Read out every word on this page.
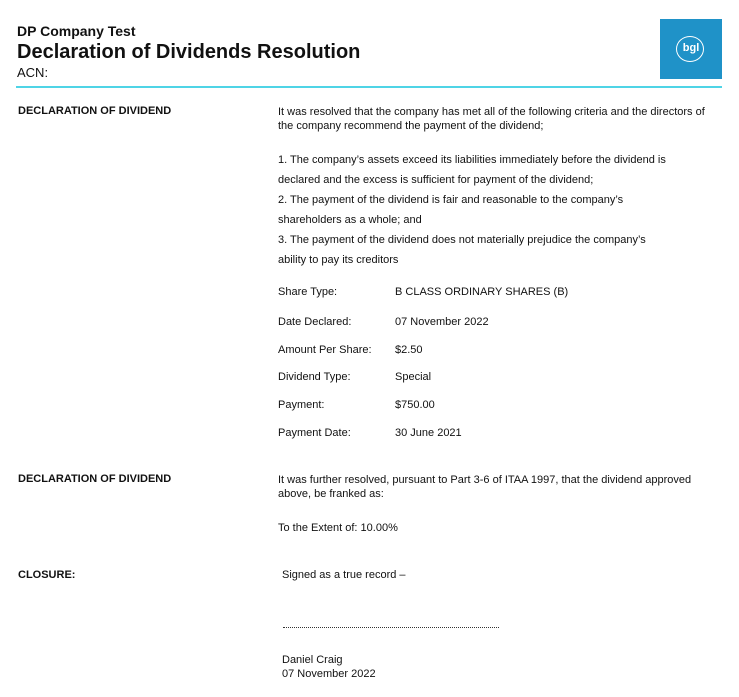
DP Company Test
Declaration of Dividends Resolution
ACN:
bgl
DECLARATION OF DIVIDEND	It was resolved that the company has met all of the following criteria and the directors of the company recommend the payment of the dividend;
1. The company’s assets exceed its liabilities immediately before the dividend is
declared and the excess is sufficient for payment of the dividend;
2. The payment of the dividend is fair and reasonable to the company’s
shareholders as a whole; and
3. The payment of the dividend does not materially prejudice the company’s
ability to pay its creditors
Share Type:	B CLASS ORDINARY SHARES (B)
Date Declared:	07 November 2022
Amount Per Share: $2.50
Dividend Type:	Special
Payment:	$750.00
Payment Date:	30 June 2021
DECLARATION OF DIVIDEND	It was further resolved, pursuant to Part 3-6 of ITAA 1997, that the dividend approved above, be franked as:
To the Extent of: 10.00%
CLOSURE:	Signed as a true record –
Daniel Craig
07 November 2022
